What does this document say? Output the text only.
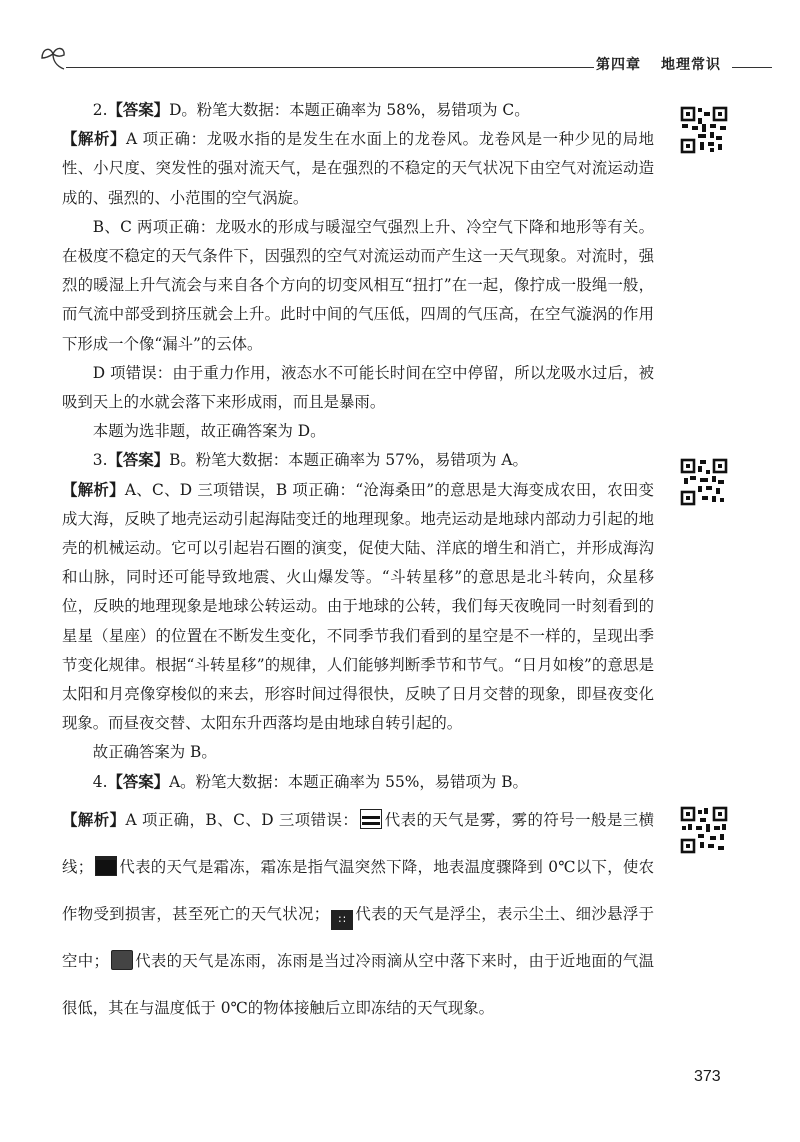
第四章 地理常识

2.【答案】D。粉笔大数据：本题正确率为 58%，易错项为 C。

【解析】A 项正确：龙吸水指的是发生在水面上的龙卷风。龙卷风是一种少见的局地性、小尺度、突发性的强对流天气，是在强烈的不稳定的天气状况下由空气对流运动造成的、强烈的、小范围的空气涡旋。

B、C 两项正确：龙吸水的形成与暖湿空气强烈上升、冷空气下降和地形等有关。在极度不稳定的天气条件下，因强烈的空气对流运动而产生这一天气现象。对流时，强烈的暖湿上升气流会与来自各个方向的切变风相互“扭打”在一起，像拧成一股绳一般，而气流中部受到挤压就会上升。此时中间的气压低，四周的气压高，在空气漩涡的作用下形成一个像“漏斗”的云体。

D 项错误：由于重力作用，液态水不可能长时间在空中停留，所以龙吸水过后，被吸到天上的水就会落下来形成雨，而且是暴雨。

本题为选非题，故正确答案为 D。

3.【答案】B。粉笔大数据：本题正确率为 57%，易错项为 A。

【解析】A、C、D 三项错误，B 项正确：“沧海桑田”的意思是大海变成农田，农田变成大海，反映了地壳运动引起海陆变迁的地理现象。地壳运动是地球内部动力引起的地壳的机械运动。它可以引起岩石圈的演变，促使大陆、洋底的增生和消亡，并形成海沟和山脉，同时还可能导致地震、火山爆发等。“斗转星移”的意思是北斗转向，众星移位，反映的地理现象是地球公转运动。由于地球的公转，我们每天夜晚同一时刻看到的星星（星座）的位置在不断发生变化，不同季节我们看到的星空是不一样的，呈现出季节变化规律。根据“斗转星移”的规律，人们能够判断季节和节气。“日月如梭”的意思是太阳和月亮像穿梭似的来去，形容时间过得很快，反映了日月交替的现象，即昼夜变化现象。而昼夜交替、太阳东升西落均是由地球自转引起的。

故正确答案为 B。

4.【答案】A。粉笔大数据：本题正确率为 55%，易错项为 B。

【解析】A 项正确，B、C、D 三项错误： 代表的天气是雾，雾的符号一般是三横线； 代表的天气是霜冻，霜冻是指气温突然下降，地表温度骤降到 0℃以下，使农作物受到损害，甚至死亡的天气状况； ∷ 代表的天气是浮尘，表示尘土、细沙悬浮于空中； 代表的天气是冻雨，冻雨是当过冷雨滴从空中落下来时，由于近地面的气温很低，其在与温度低于 0℃的物体接触后立即冻结的天气现象。

373
